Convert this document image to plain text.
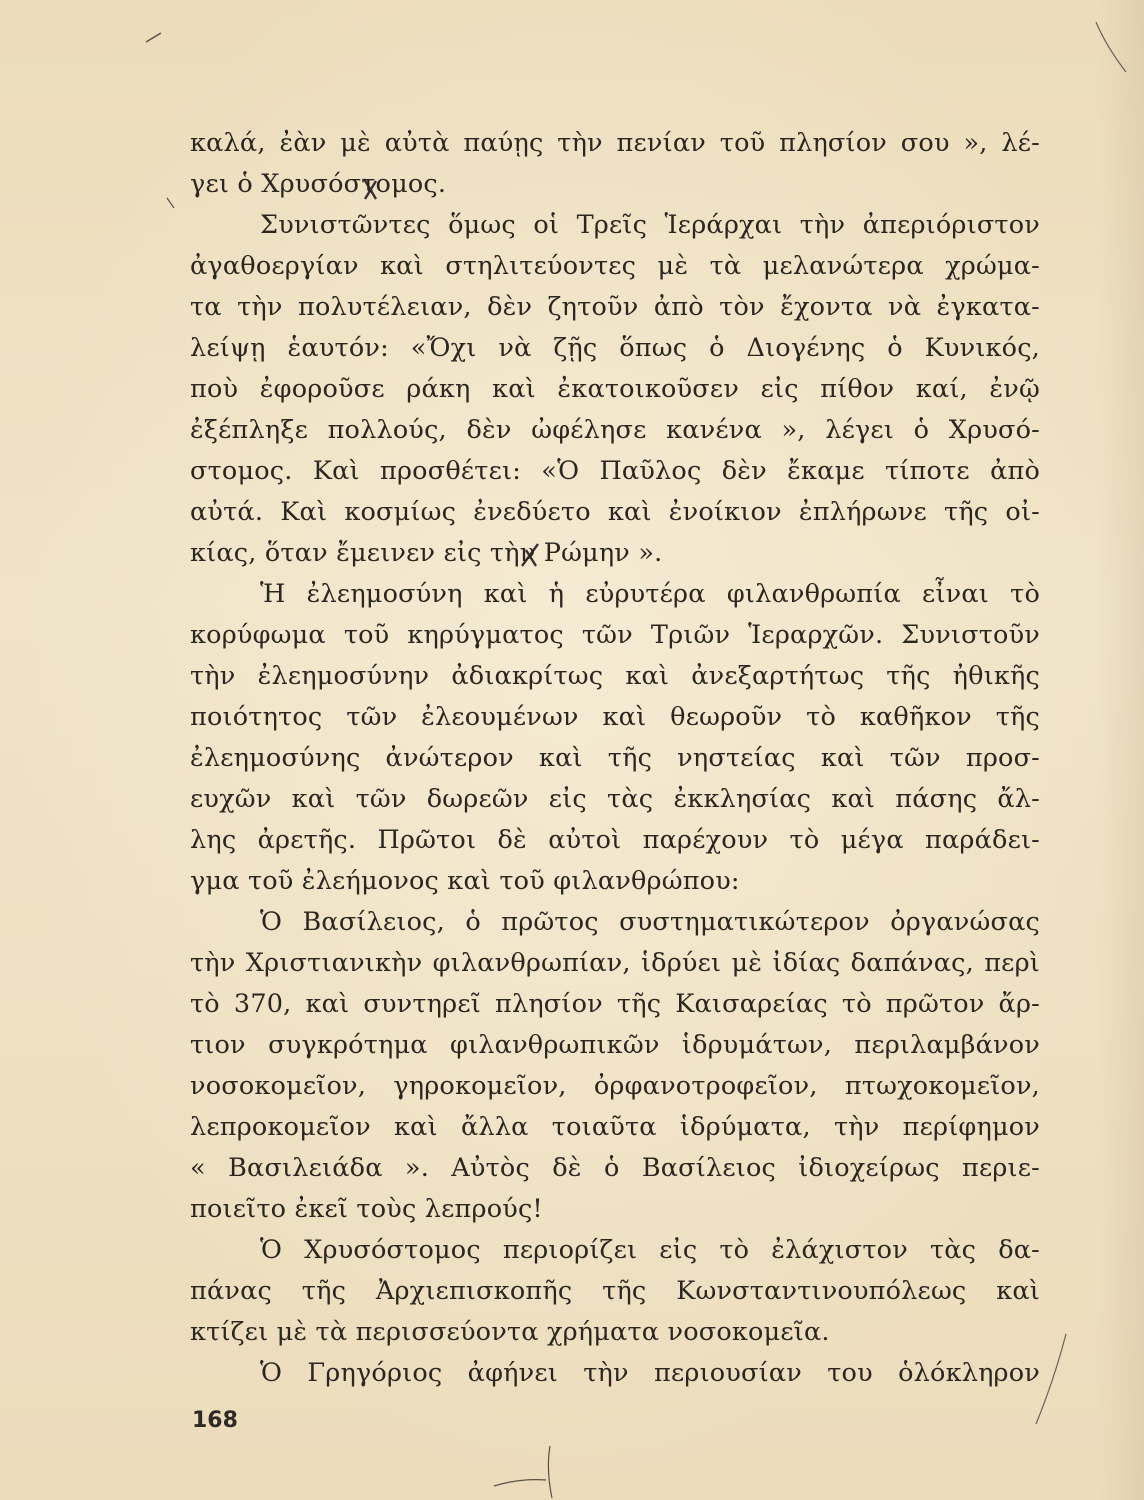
καλά, ἐὰν μὲ αὐτὰ παύῃς τὴν πενίαν τοῦ πλησίον σου », λέ-
γει ὁ Χρυσόστομος.
Συνιστῶντες ὅμως οἱ Τρεῖς Ἱεράρχαι τὴν ἀπεριόριστον
ἀγαθοεργίαν καὶ στηλιτεύοντες μὲ τὰ μελανώτερα χρώμα-
τα τὴν πολυτέλειαν, δὲν ζητοῦν ἀπὸ τὸν ἔχοντα νὰ ἐγκατα-
λείψῃ ἑαυτόν: «Ὄχι νὰ ζῇς ὅπως ὁ Διογένης ὁ Κυνικός,
ποὺ ἐφοροῦσε ράκη καὶ ἐκατοικοῦσεν εἰς πίθον καί, ἐνῷ
ἐξέπληξε πολλούς, δὲν ὠφέλησε κανένα », λέγει ὁ Χρυσό-
στομος. Καὶ προσθέτει: «Ὁ Παῦλος δὲν ἔκαμε τίποτε ἀπὸ
αὐτά. Καὶ κοσμίως ἐνεδύετο καὶ ἐνοίκιον ἐπλήρωνε τῆς οἰ-
κίας, ὅταν ἔμεινεν εἰς τὴν Ρώμην ».
Ἡ ἐλεημοσύνη καὶ ἡ εὐρυτέρα φιλανθρωπία εἶναι τὸ
κορύφωμα τοῦ κηρύγματος τῶν Τριῶν Ἱεραρχῶν. Συνιστοῦν
τὴν ἐλεημοσύνην ἀδιακρίτως καὶ ἀνεξαρτήτως τῆς ἠθικῆς
ποιότητος τῶν ἐλεουμένων καὶ θεωροῦν τὸ καθῆκον τῆς
ἐλεημοσύνης ἀνώτερον καὶ τῆς νηστείας καὶ τῶν προσ-
ευχῶν καὶ τῶν δωρεῶν εἰς τὰς ἐκκλησίας καὶ πάσης ἄλ-
λης ἀρετῆς. Πρῶτοι δὲ αὐτοὶ παρέχουν τὸ μέγα παράδει-
γμα τοῦ ἐλεήμονος καὶ τοῦ φιλανθρώπου:
Ὁ Βασίλειος, ὁ πρῶτος συστηματικώτερον ὀργανώσας
τὴν Χριστιανικὴν φιλανθρωπίαν, ἱδρύει μὲ ἰδίας δαπάνας, περὶ
τὸ 370, καὶ συντηρεῖ πλησίον τῆς Καισαρείας τὸ πρῶτον ἄρ-
τιον συγκρότημα φιλανθρωπικῶν ἱδρυμάτων, περιλαμβάνον
νοσοκομεῖον, γηροκομεῖον, ὀρφανοτροφεῖον, πτωχοκομεῖον,
λεπροκομεῖον καὶ ἄλλα τοιαῦτα ἱδρύματα, τὴν περίφημον
« Βασιλειάδα ». Αὐτὸς δὲ ὁ Βασίλειος ἰδιοχείρως περιε-
ποιεῖτο ἐκεῖ τοὺς λεπρούς!
Ὁ Χρυσόστομος περιορίζει εἰς τὸ ἐλάχιστον τὰς δα-
πάνας τῆς Ἀρχιεπισκοπῆς τῆς Κωνσταντινουπόλεως καὶ
κτίζει μὲ τὰ περισσεύοντα χρήματα νοσοκομεῖα.
Ὁ Γρηγόριος ἀφήνει τὴν περιουσίαν του ὁλόκληρον
168
